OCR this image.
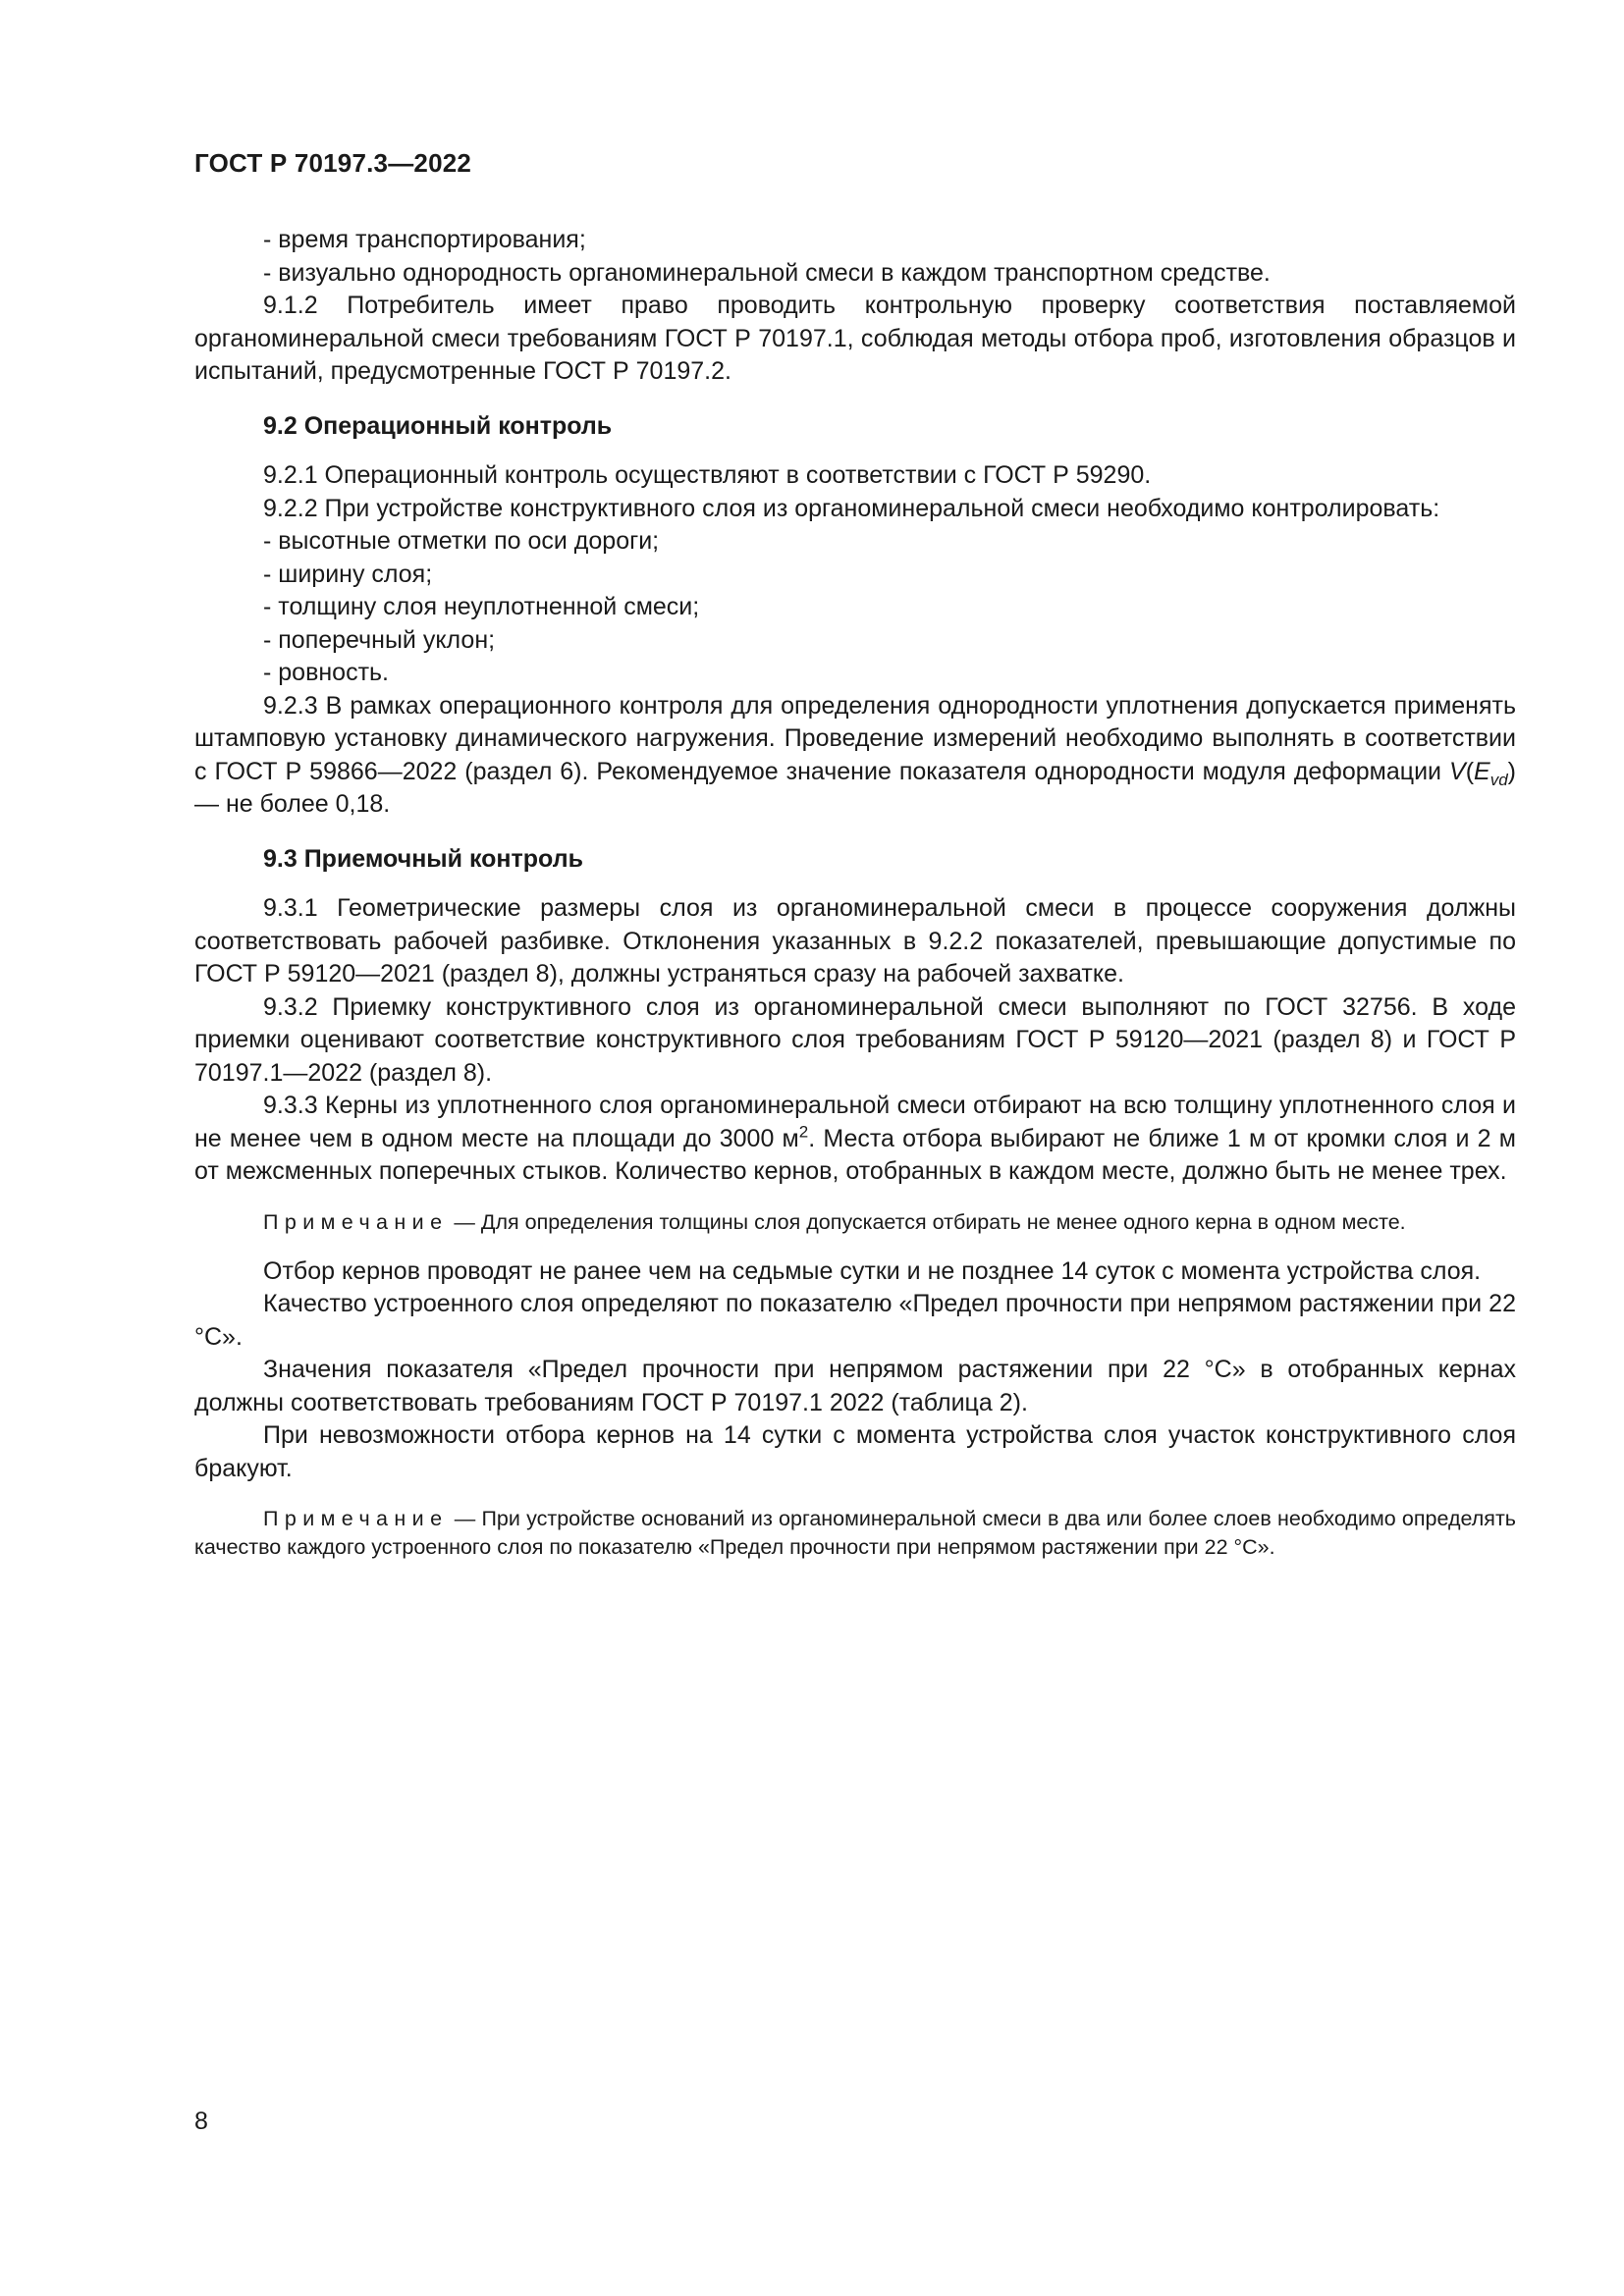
ГОСТ Р 70197.3—2022

- время транспортирования;

- визуально однородность органоминеральной смеси в каждом транспортном средстве.

9.1.2 Потребитель имеет право проводить контрольную проверку соответствия поставляемой органоминеральной смеси требованиям ГОСТ Р 70197.1, соблюдая методы отбора проб, изготовления образцов и испытаний, предусмотренные ГОСТ Р 70197.2.

9.2 Операционный контроль

9.2.1 Операционный контроль осуществляют в соответствии с ГОСТ Р 59290.

9.2.2 При устройстве конструктивного слоя из органоминеральной смеси необходимо контролировать:

- высотные отметки по оси дороги;

- ширину слоя;

- толщину слоя неуплотненной смеси;

- поперечный уклон;

- ровность.

9.2.3 В рамках операционного контроля для определения однородности уплотнения допускается применять штамповую установку динамического нагружения. Проведение измерений необходимо выполнять в соответствии с ГОСТ Р 59866—2022 (раздел 6). Рекомендуемое значение показателя однородности модуля деформации $V(E_{vd})$ — не более 0,18.

9.3 Приемочный контроль

9.3.1 Геометрические размеры слоя из органоминеральной смеси в процессе сооружения должны соответствовать рабочей разбивке. Отклонения указанных в 9.2.2 показателей, превышающие допустимые по ГОСТ Р 59120—2021 (раздел 8), должны устраняться сразу на рабочей захватке.

9.3.2 Приемку конструктивного слоя из органоминеральной смеси выполняют по ГОСТ 32756. В ходе приемки оценивают соответствие конструктивного слоя требованиям ГОСТ Р 59120—2021 (раздел 8) и ГОСТ Р 70197.1—2022 (раздел 8).

9.3.3 Керны из уплотненного слоя органоминеральной смеси отбирают на всю толщину уплотненного слоя и не менее чем в одном месте на площади до 3000 $м^2$. Места отбора выбирают не ближе 1 м от кромки слоя и 2 м от межсменных поперечных стыков. Количество кернов, отобранных в каждом месте, должно быть не менее трех.

Примечание — Для определения толщины слоя допускается отбирать не менее одного керна в одном месте.

Отбор кернов проводят не ранее чем на седьмые сутки и не позднее 14 суток с момента устройства слоя.

Качество устроенного слоя определяют по показателю «Предел прочности при непрямом растяжении при 22 °С».

Значения показателя «Предел прочности при непрямом растяжении при 22 °С» в отобранных кернах должны соответствовать требованиям ГОСТ Р 70197.1 2022 (таблица 2).

При невозможности отбора кернов на 14 сутки с момента устройства слоя участок конструктивного слоя бракуют.

Примечание — При устройстве оснований из органоминеральной смеси в два или более слоев необходимо определять качество каждого устроенного слоя по показателю «Предел прочности при непрямом растяжении при 22 °С».

8
